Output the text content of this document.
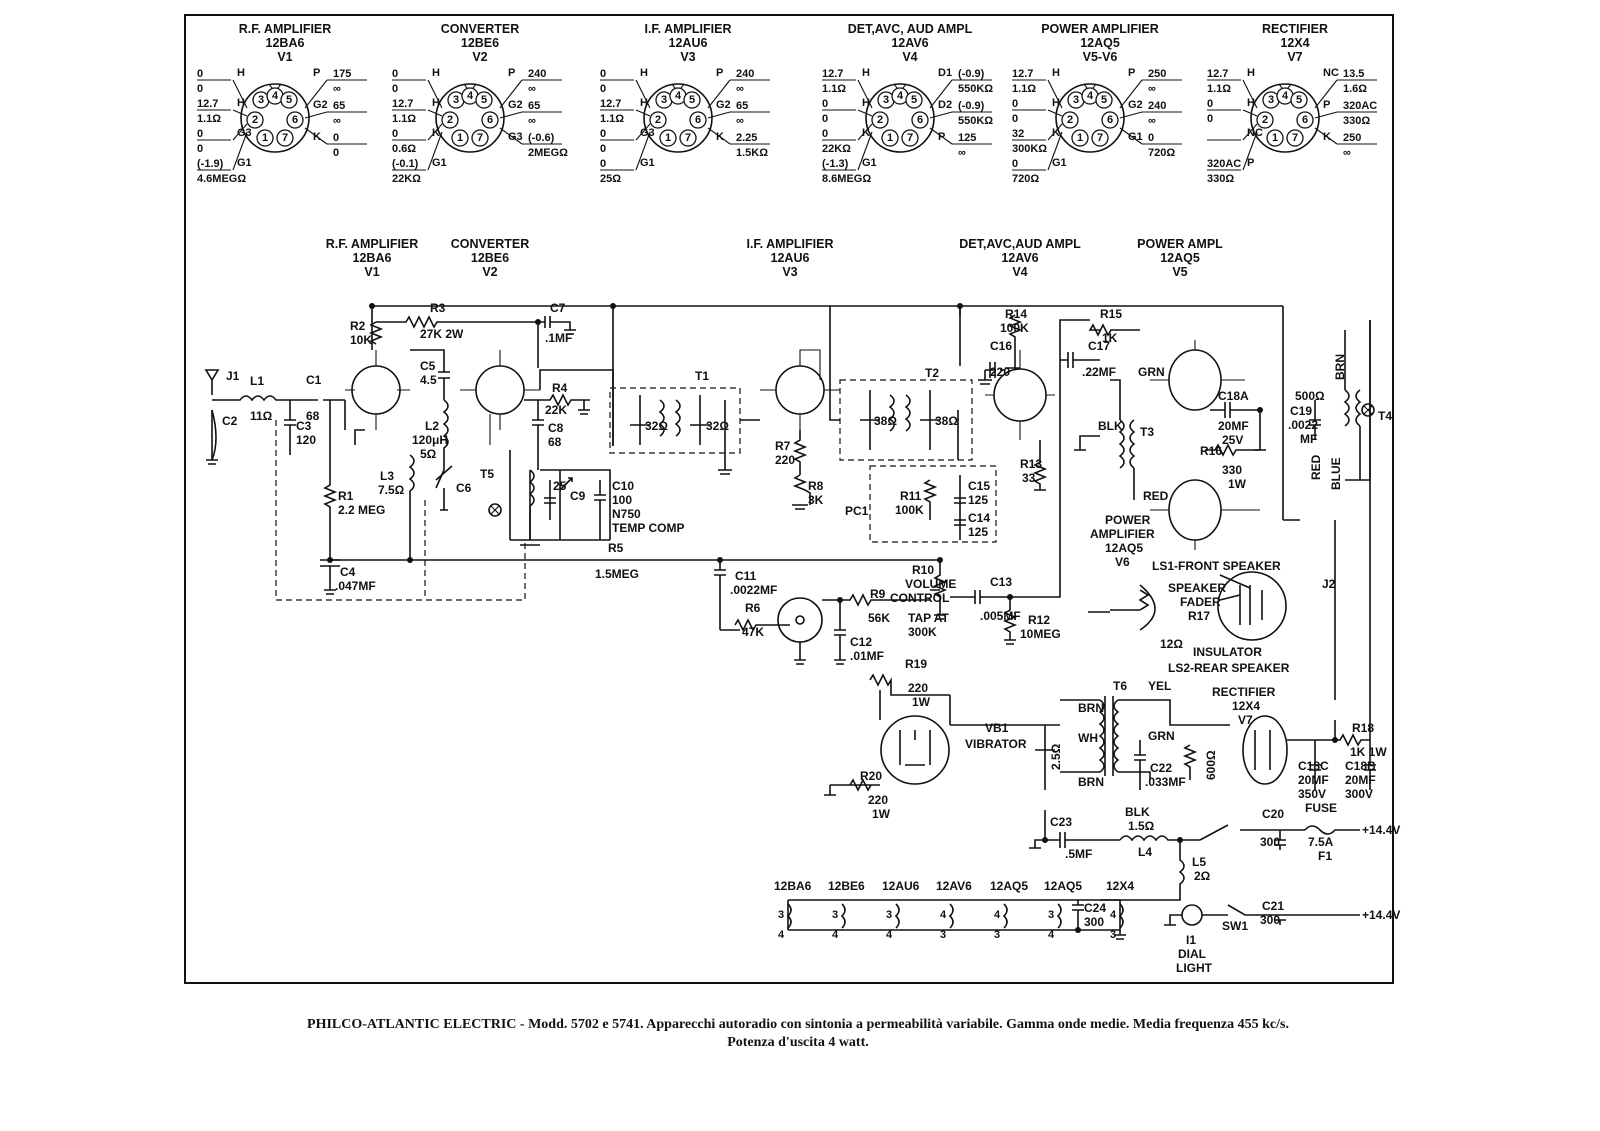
R.F. AMPLIFIER
12BA6
V1
3 4 5
2	6
1 7
0
0
H
12.7
1.1Ω
H
0
0
G3
(-1.9)
4.6MEGΩ
G1
175
∞
P
65
∞
G2
0
0
K
CONVERTER
12BE6
V2
3 4 5
2	6
1 7
0
0
H
12.7
1.1Ω
H
0
0.6Ω
K
(-0.1)
22KΩ
G1
240
∞
P
65
∞
G2
(-0.6)
2MEGΩ
G3
I.F. AMPLIFIER
12AU6
V3
3 4 5
2	6
1 7
0
0
H
12.7
1.1Ω
H
0
0
G3
0
25Ω
G1
240
∞
P
65
∞
G2
2.25
1.5KΩ
K
DET,AVC, AUD AMPL
12AV6
V4
3 4 5
2	6
1 7
12.7
1.1Ω
H
0
0
H
0
22KΩ
K
(-1.3)
8.6MEGΩ
G1
(-0.9)
550KΩ
D1
(-0.9)
550KΩ
D2
125
∞
P
POWER AMPLIFIER
12AQ5
V5-V6
3 4 5
2	6
1 7
12.7
1.1Ω
H
0
0
H
32
300KΩ
K
0
720Ω
G1
250
∞
P
240
∞
G2
0
720Ω
G1
RECTIFIER
12X4
V7
3 4 5
2	6
1 7
12.7
1.1Ω
H
0
0
H
NC
320AC
330Ω
P
13.5
1.6Ω
NC
320AC
330Ω
P
250
∞
K
R.F. AMPLIFIER
12BA6
V1
CONVERTER
12BE6
V2
I.F. AMPLIFIER
12AU6
V3
DET,AVC,AUD AMPL
12AV6
V4
POWER AMPL
12AQ5
V5
J1 L1
11Ω
C1
68
C2	C3
120
R1
2.2 MEG
R2
10K
R3
27K 2W
C7
.1MF
C5
4.5
L2
120μH
5Ω
L3
7.5Ω	C6
R4
22K
C8
68
T5
C9
25	C10
100
N750
TEMP COMP
C4
.047MF
R5
1.5MEG
T1
32Ω	32Ω
R7
220
R8
3K
T2
38Ω	38Ω
PC1
R11
100K
C15
125
C14
125
R14
100K
C16
220
R13
33
R15
1K
C17
.22MF GRN
BLK T3
RED
C18A
20MF
25V
R16
330
1W
C19
.0022
MF
500Ω
T4
BRN
RED BLUE
POWER
AMPLIFIER
12AQ5
V6
C11
.0022MF
R6
47K
R9
56K
R10
VOLUME
CONTROL
TAP AT
300K
C13
.005MF
C12
.01MF
R12
10MEG
SPEAKER
FADER
R17
12Ω
LS1-FRONT SPEAKER
J2
INSULATOR
LS2-REAR SPEAKER
R19
220
1W
VB1
VIBRATOR
R20
220
1W
2.5Ω
T6 YEL
BRN
WH
BRN
GRN
C22
.033MF
600Ω
RECTIFIER
12X4
V7
R18
1K 1W
C18C
20MF
350V
C18B
20MF
300V
C23
.5MF
BLK
1.5Ω
L4
L5
2Ω
C20
300
FUSE
7.5A
F1
+14.4V
C21
300	+14.4V
I1
DIAL
LIGHT
SW1
C24
300
12BA6
3
4
12BE6
3
4
12AU6
3
4
12AV6
4
3
12AQ5
4
3
12AQ5
3
4
12X4
4
3
PHILCO-ATLANTIC ELECTRIC - Modd. 5702 e 5741. Apparecchi autoradio con sintonia a permeabilità variabile. Gamma onde medie. Media frequenza 455 kc/s.
Potenza d'uscita 4 watt.
